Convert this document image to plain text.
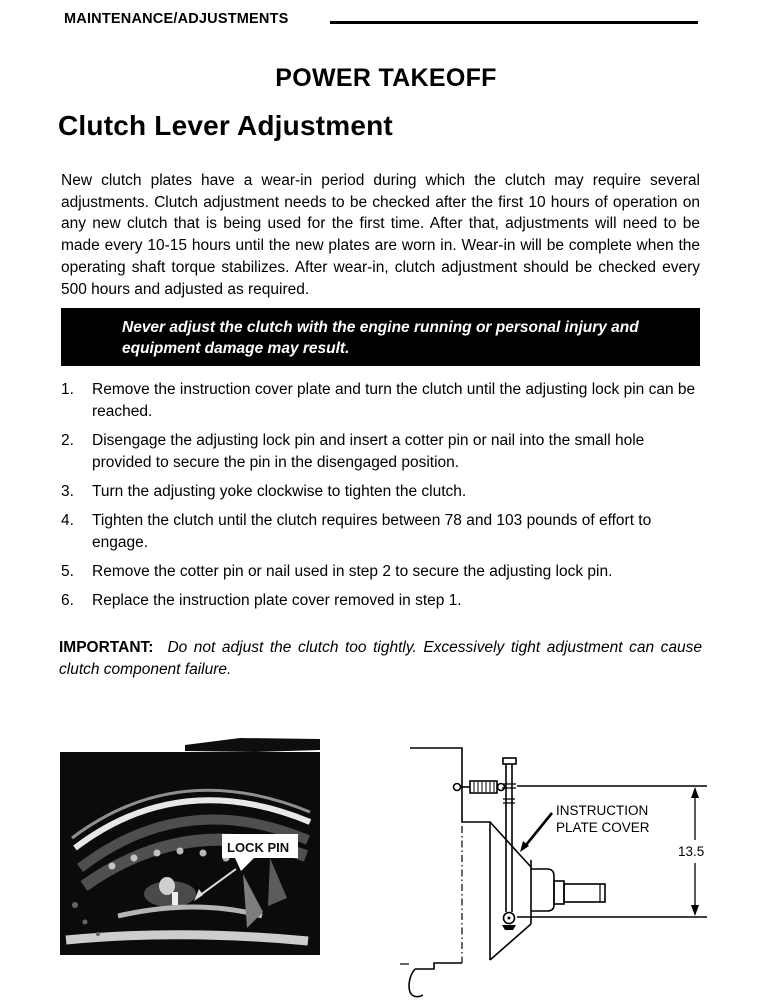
MAINTENANCE/ADJUSTMENTS
POWER TAKEOFF
Clutch Lever Adjustment
New clutch plates have a wear-in period during which the clutch may require several adjustments. Clutch adjustment needs to be checked after the first 10 hours of operation on any new clutch that is being used for the first time. After that, adjustments will need to be made every 10-15 hours until the new plates are worn in. Wear-in will be complete when the operating shaft torque stabilizes. After wear-in, clutch adjustment should be checked every 500 hours and adjusted as required.
Never adjust the clutch with the engine running or personal injury and equipment damage may result.
1.	Remove the instruction cover plate and turn the clutch until the adjusting lock pin can be reached.
2.	Disengage the adjusting lock pin and insert a cotter pin or nail into the small hole provided to secure the pin in the disengaged position.
3.	Turn the adjusting yoke clockwise to tighten the clutch.
4.	Tighten the clutch until the clutch requires between 78 and 103 pounds of effort to engage.
5.	Remove the cotter pin or nail used in step 2 to secure the adjusting lock pin.
6.	Replace the instruction plate cover removed in step 1.
IMPORTANT: Do not adjust the clutch too tightly. Excessively tight adjustment can cause clutch component failure.
LOCK PIN
INSTRUCTION
PLATE COVER
13.5
